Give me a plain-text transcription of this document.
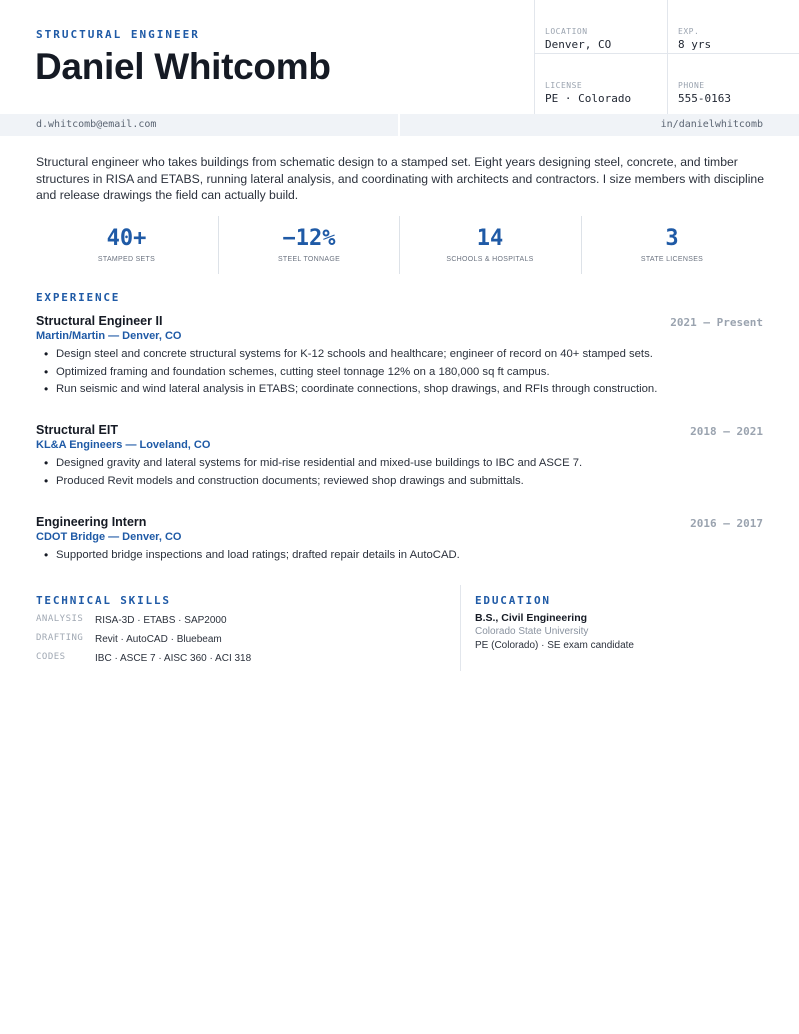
STRUCTURAL ENGINEER
Daniel Whitcomb
LOCATION
Denver, CO
EXP.
8 yrs
LICENSE
PE · Colorado
PHONE
555-0163
d.whitcomb@email.com	in/danielwhitcomb

Structural engineer who takes buildings from schematic design to a stamped set. Eight years designing steel, concrete, and timber structures in RISA and ETABS, running lateral analysis, and coordinating with architects and contractors. I size members with discipline and release drawings the field can actually build.

40+
STAMPED SETS
−12%
STEEL TONNAGE
14
SCHOOLS & HOSPITALS
3
STATE LICENSES
EXPERIENCE
Structural Engineer II	2021 — Present
Martin/Martin — Denver, CO
• Design steel and concrete structural systems for K-12 schools and healthcare; engineer of record on 40+ stamped sets.
• Optimized framing and foundation schemes, cutting steel tonnage 12% on a 180,000 sq ft campus.
• Run seismic and wind lateral analysis in ETABS; coordinate connections, shop drawings, and RFIs through construction.
Structural EIT	2018 — 2021
KL&A Engineers — Loveland, CO
• Designed gravity and lateral systems for mid-rise residential and mixed-use buildings to IBC and ASCE 7.
• Produced Revit models and construction documents; reviewed shop drawings and submittals.
Engineering Intern	2016 — 2017
CDOT Bridge — Denver, CO
• Supported bridge inspections and load ratings; drafted repair details in AutoCAD.
TECHNICAL SKILLS
ANALYSIS RISA-3D · ETABS · SAP2000
DRAFTING Revit · AutoCAD · Bluebeam
CODES	IBC · ASCE 7 · AISC 360 · ACI 318
EDUCATION
B.S., Civil Engineering
Colorado State University
PE (Colorado) · SE exam candidate
